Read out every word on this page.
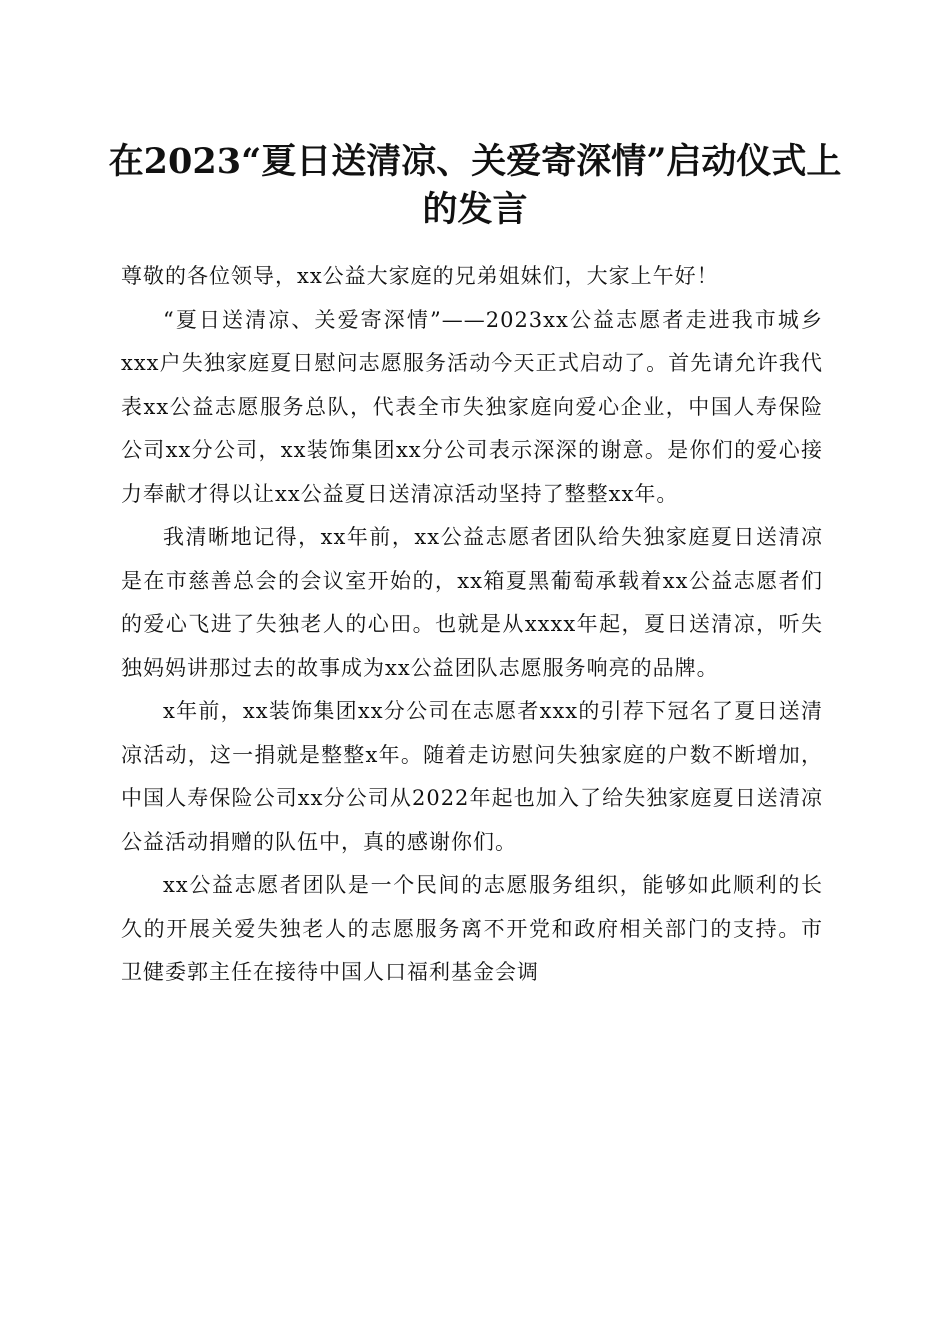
在2023“夏日送清凉、关爱寄深情”启动仪式上的发言

尊敬的各位领导，xx公益大家庭的兄弟姐妹们，大家上午好！

“夏日送清凉、关爱寄深情”——2023xx公益志愿者走进我市城乡xxx户失独家庭夏日慰问志愿服务活动今天正式启动了。首先请允许我代表xx公益志愿服务总队，代表全市失独家庭向爱心企业，中国人寿保险公司xx分公司，xx装饰集团xx分公司表示深深的谢意。是你们的爱心接力奉献才得以让xx公益夏日送清凉活动坚持了整整xx年。

我清晰地记得，xx年前，xx公益志愿者团队给失独家庭夏日送清凉是在市慈善总会的会议室开始的，xx箱夏黑葡萄承载着xx公益志愿者们的爱心飞进了失独老人的心田。也就是从xxxx年起，夏日送清凉，听失独妈妈讲那过去的故事成为xx公益团队志愿服务响亮的品牌。

x年前，xx装饰集团xx分公司在志愿者xxx的引荐下冠名了夏日送清凉活动，这一捐就是整整x年。随着走访慰问失独家庭的户数不断增加，中国人寿保险公司xx分公司从2022年起也加入了给失独家庭夏日送清凉公益活动捐赠的队伍中，真的感谢你们。

xx公益志愿者团队是一个民间的志愿服务组织，能够如此顺利的长久的开展关爱失独老人的志愿服务离不开党和政府相关部门的支持。市卫健委郭主任在接待中国人口福利基金会调
